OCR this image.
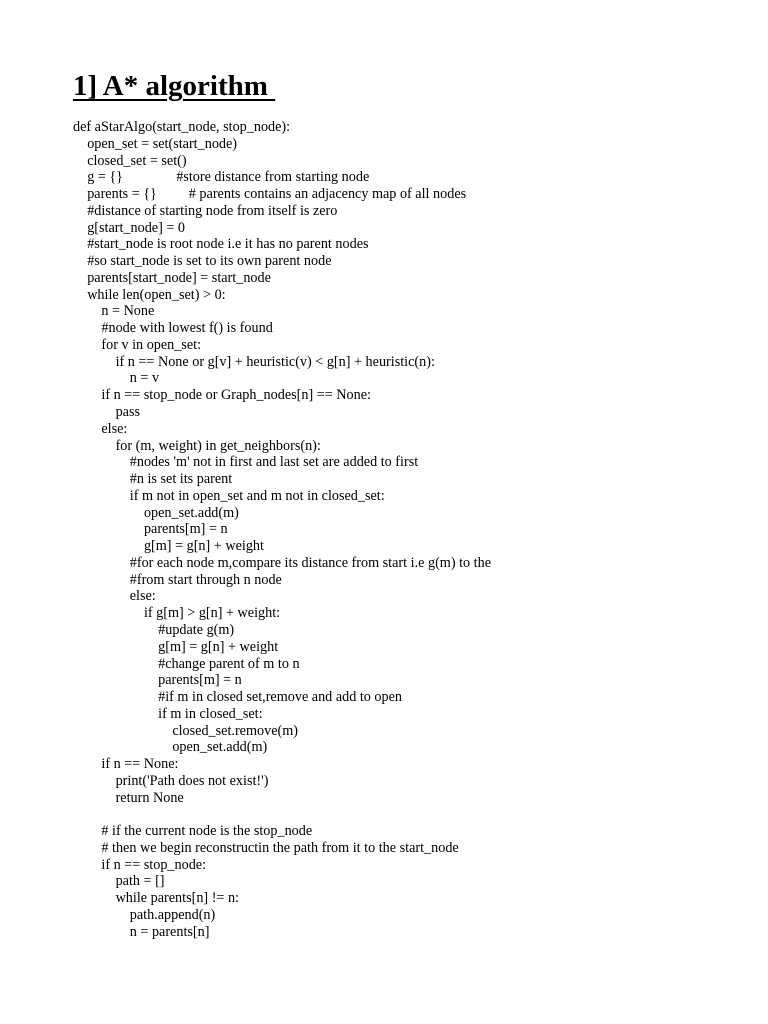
1] A* algorithm
def aStarAlgo(start_node, stop_node):
open_set = set(start_node)
closed_set = set()
g = {}               #store distance from starting node
parents = {}         # parents contains an adjacency map of all nodes
#distance of starting node from itself is zero
g[start_node] = 0
#start_node is root node i.e it has no parent nodes
#so start_node is set to its own parent node
parents[start_node] = start_node
while len(open_set) > 0:
n = None
#node with lowest f() is found
for v in open_set:
if n == None or g[v] + heuristic(v) < g[n] + heuristic(n):
n = v
if n == stop_node or Graph_nodes[n] == None:
pass
else:
for (m, weight) in get_neighbors(n):
#nodes 'm' not in first and last set are added to first
#n is set its parent
if m not in open_set and m not in closed_set:
open_set.add(m)
parents[m] = n
g[m] = g[n] + weight
#for each node m,compare its distance from start i.e g(m) to the
#from start through n node
else:
if g[m] > g[n] + weight:
#update g(m)
g[m] = g[n] + weight
#change parent of m to n
parents[m] = n
#if m in closed set,remove and add to open
if m in closed_set:
closed_set.remove(m)
open_set.add(m)
if n == None:
print('Path does not exist!')
return None

# if the current node is the stop_node
# then we begin reconstructin the path from it to the start_node
if n == stop_node:
path = []
while parents[n] != n:
path.append(n)
n = parents[n]
